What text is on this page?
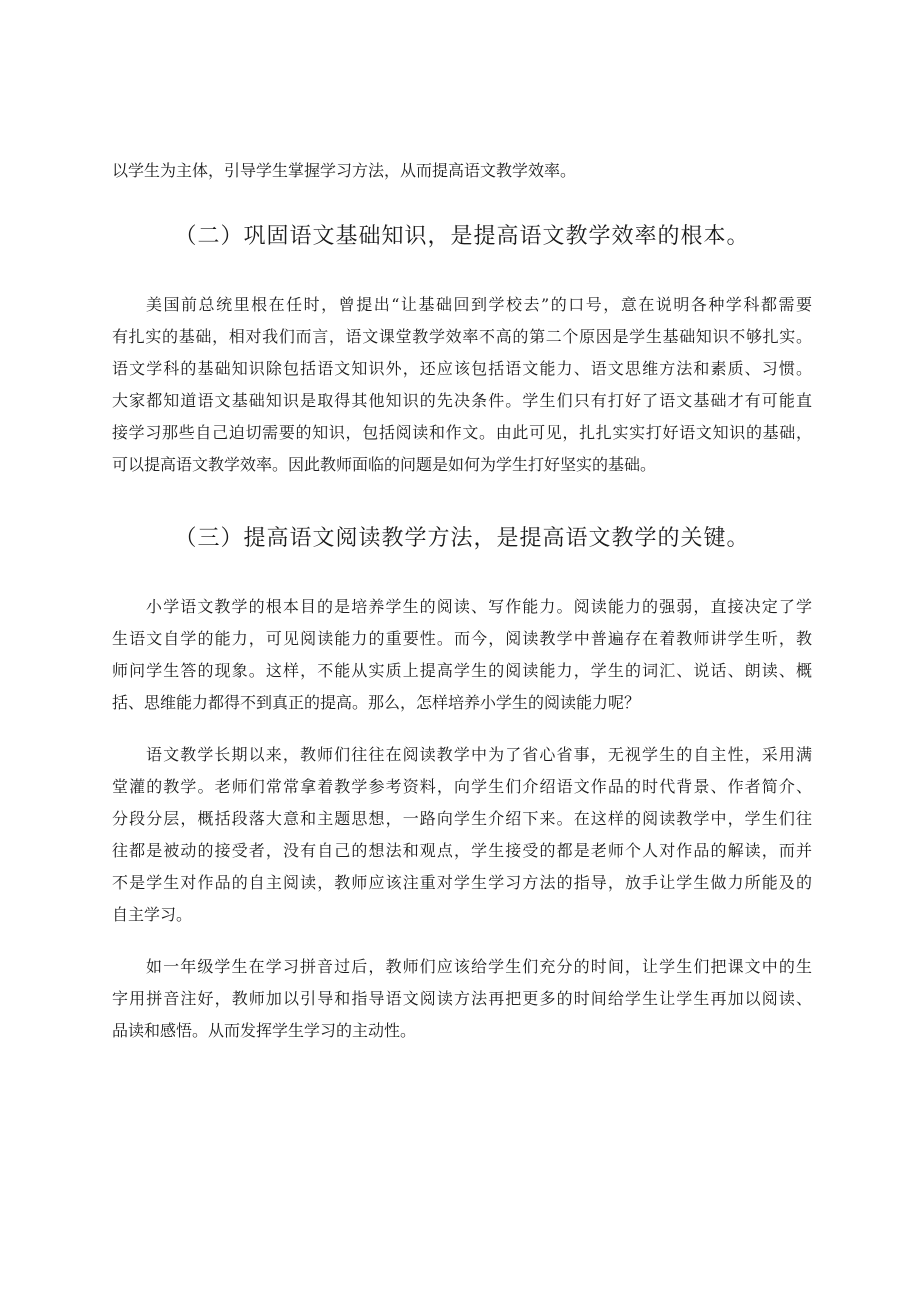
以学生为主体，引导学生掌握学习方法，从而提高语文教学效率。
（二）巩固语文基础知识，是提高语文教学效率的根本。
美国前总统里根在任时，曾提出“让基础回到学校去”的口号，意在说明各种学科都需要
有扎实的基础，相对我们而言，语文课堂教学效率不高的第二个原因是学生基础知识不够扎实。
语文学科的基础知识除包括语文知识外，还应该包括语文能力、语文思维方法和素质、习惯。
大家都知道语文基础知识是取得其他知识的先决条件。学生们只有打好了语文基础才有可能直
接学习那些自己迫切需要的知识，包括阅读和作文。由此可见，扎扎实实打好语文知识的基础，
可以提高语文教学效率。因此教师面临的问题是如何为学生打好坚实的基础。
（三）提高语文阅读教学方法，是提高语文教学的关键。
小学语文教学的根本目的是培养学生的阅读、写作能力。阅读能力的强弱，直接决定了学
生语文自学的能力，可见阅读能力的重要性。而今，阅读教学中普遍存在着教师讲学生听，教
师问学生答的现象。这样，不能从实质上提高学生的阅读能力，学生的词汇、说话、朗读、概
括、思维能力都得不到真正的提高。那么，怎样培养小学生的阅读能力呢？
语文教学长期以来，教师们往往在阅读教学中为了省心省事，无视学生的自主性，采用满
堂灌的教学。老师们常常拿着教学参考资料，向学生们介绍语文作品的时代背景、作者简介、
分段分层，概括段落大意和主题思想，一路向学生介绍下来。在这样的阅读教学中，学生们往
往都是被动的接受者，没有自己的想法和观点，学生接受的都是老师个人对作品的解读，而并
不是学生对作品的自主阅读，教师应该注重对学生学习方法的指导，放手让学生做力所能及的
自主学习。
如一年级学生在学习拼音过后，教师们应该给学生们充分的时间，让学生们把课文中的生
字用拼音注好，教师加以引导和指导语文阅读方法再把更多的时间给学生让学生再加以阅读、
品读和感悟。从而发挥学生学习的主动性。
